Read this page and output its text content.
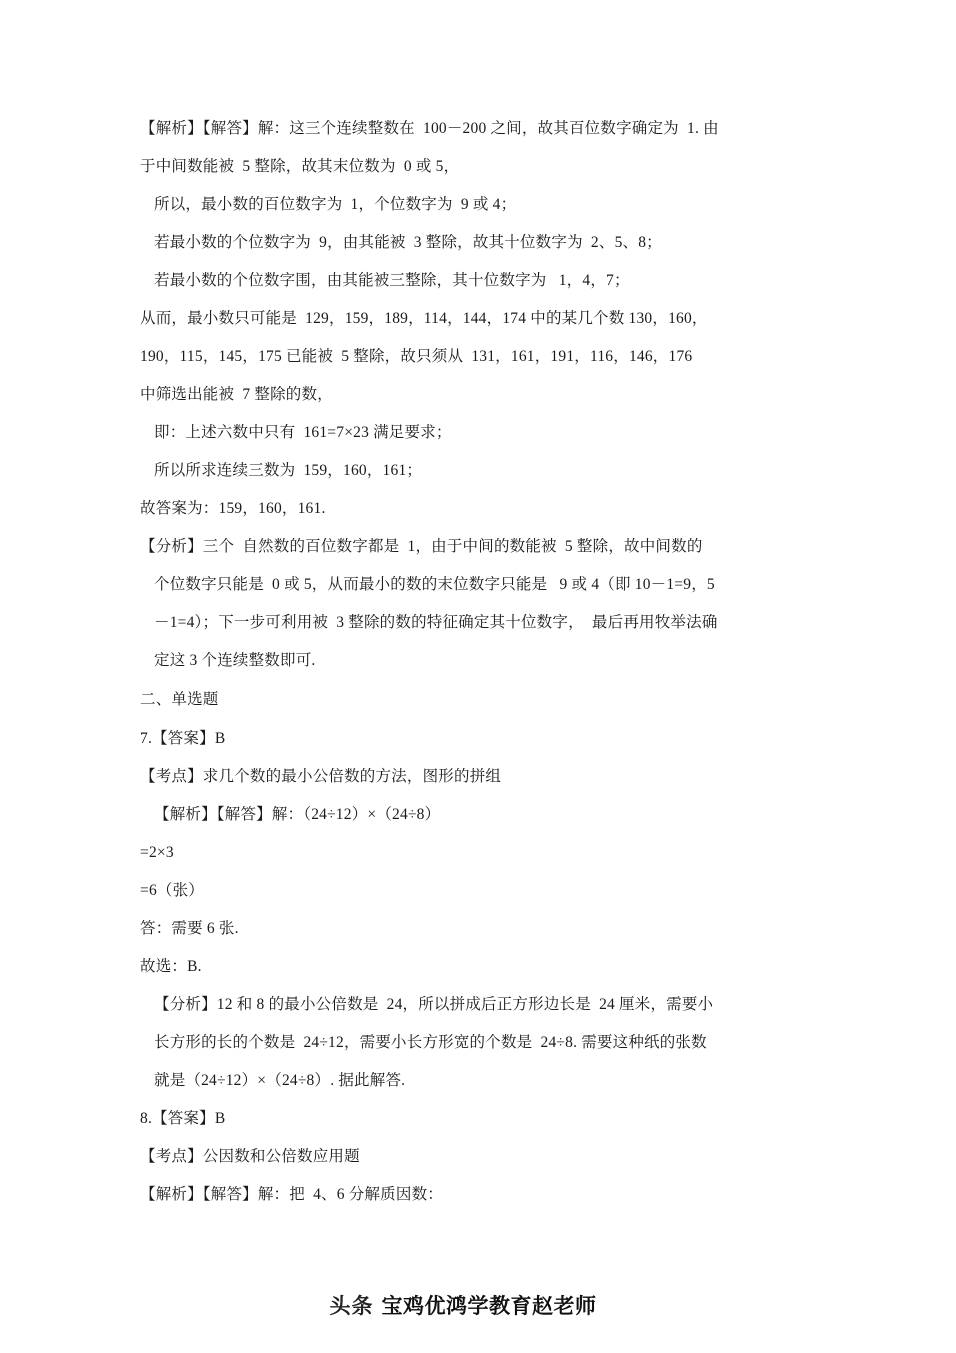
【解析】【解答】解：这三个连续整数在  100－200 之间，故其百位数字确定为  1. 由
于中间数能被  5 整除，故其末位数为  0 或 5，
所以，最小数的百位数字为  1，个位数字为  9 或 4；
若最小数的个位数字为  9，由其能被  3 整除，故其十位数字为  2、5、8；
若最小数的个位数字围，由其能被三整除，其十位数字为   1，4，7；
从而，最小数只可能是  129，159，189，114，144，174 中的某几个数 130，160，
190，115，145，175 已能被  5 整除，故只须从  131，161，191，116，146，176
中筛选出能被  7 整除的数，
即：上述六数中只有  161=7×23 满足要求；
所以所求连续三数为  159，160，161；
故答案为：159，160，161.
【分析】三个  自然数的百位数字都是  1，由于中间的数能被  5 整除，故中间数的
个位数字只能是  0 或 5，从而最小的数的末位数字只能是   9 或 4（即 10－1=9，5
－1=4）；下一步可利用被  3 整除的数的特征确定其十位数字，  最后再用牧举法确
定这 3 个连续整数即可.
二、单选题
7.【答案】B
【考点】求几个数的最小公倍数的方法，图形的拼组
【解析】【解答】解：（24÷12）×（24÷8）
=2×3
=6（张）
答：需要 6 张.
故选：B.
【分析】12 和 8 的最小公倍数是  24，所以拼成后正方形边长是  24 厘米，需要小
长方形的长的个数是  24÷12，需要小长方形宽的个数是  24÷8. 需要这种纸的张数
就是（24÷12）×（24÷8）. 据此解答.
8.【答案】B
【考点】公因数和公倍数应用题
【解析】【解答】解：把  4、6 分解质因数：
头条 宝鸡优鸿学教育赵老师
